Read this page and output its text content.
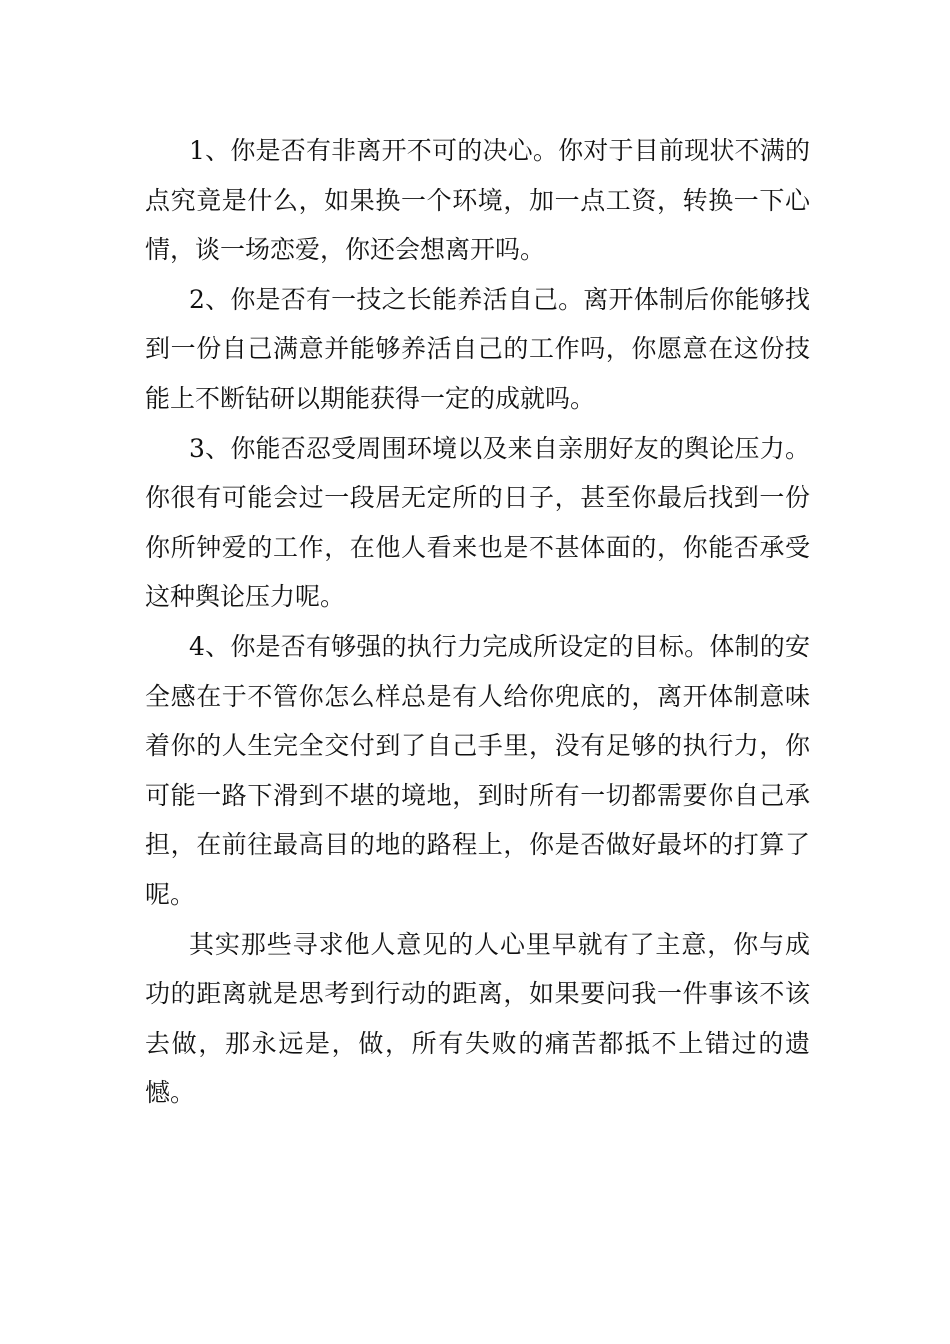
1、你是否有非离开不可的决心。你对于目前现状不满的点究竟是什么，如果换一个环境，加一点工资，转换一下心情，谈一场恋爱，你还会想离开吗。

2、你是否有一技之长能养活自己。离开体制后你能够找到一份自己满意并能够养活自己的工作吗，你愿意在这份技能上不断钻研以期能获得一定的成就吗。

3、你能否忍受周围环境以及来自亲朋好友的舆论压力。你很有可能会过一段居无定所的日子，甚至你最后找到一份你所钟爱的工作，在他人看来也是不甚体面的，你能否承受这种舆论压力呢。

4、你是否有够强的执行力完成所设定的目标。体制的安全感在于不管你怎么样总是有人给你兜底的，离开体制意味着你的人生完全交付到了自己手里，没有足够的执行力，你可能一路下滑到不堪的境地，到时所有一切都需要你自己承担，在前往最高目的地的路程上，你是否做好最坏的打算了呢。

其实那些寻求他人意见的人心里早就有了主意，你与成功的距离就是思考到行动的距离，如果要问我一件事该不该去做，那永远是，做，所有失败的痛苦都抵不上错过的遗憾。
